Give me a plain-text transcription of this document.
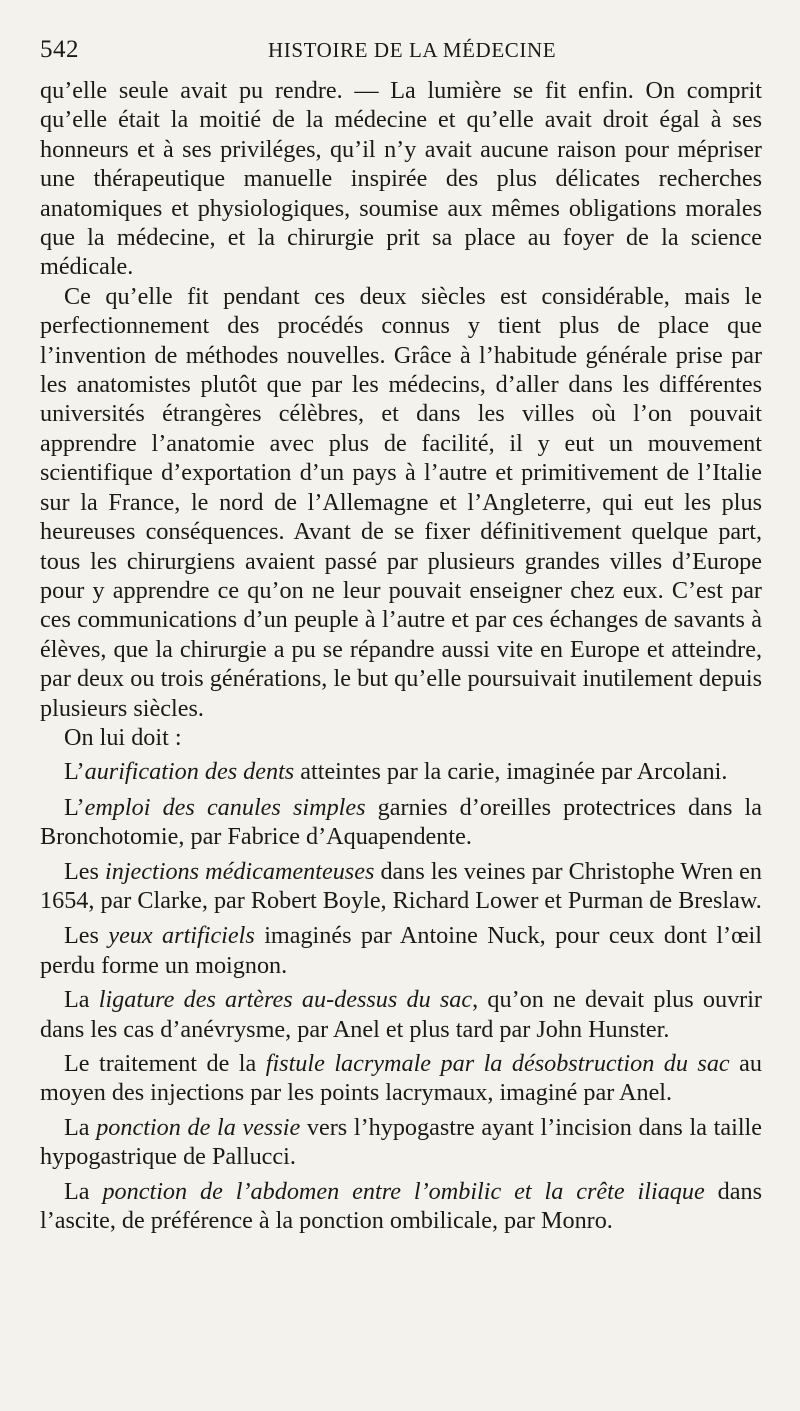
542	HISTOIRE DE LA MÉDECINE

qu’elle seule avait pu rendre. — La lumière se fit enfin. On comprit qu’elle était la moitié de la médecine et qu’elle avait droit égal à ses honneurs et à ses priviléges, qu’il n’y avait aucune raison pour mépriser une thérapeutique manuelle inspirée des plus délicates recherches anatomiques et physiologiques, soumise aux mêmes obligations morales que la médecine, et la chirurgie prit sa place au foyer de la science médicale.

Ce qu’elle fit pendant ces deux siècles est considérable, mais le perfectionnement des procédés connus y tient plus de place que l’invention de méthodes nouvelles. Grâce à l’habitude générale prise par les anatomistes plutôt que par les médecins, d’aller dans les différentes universités étrangères célèbres, et dans les villes où l’on pouvait apprendre l’anatomie avec plus de facilité, il y eut un mouvement scientifique d’exportation d’un pays à l’autre et primitivement de l’Italie sur la France, le nord de l’Allemagne et l’Angleterre, qui eut les plus heureuses conséquences. Avant de se fixer définitivement quelque part, tous les chirurgiens avaient passé par plusieurs grandes villes d’Europe pour y apprendre ce qu’on ne leur pouvait enseigner chez eux. C’est par ces communications d’un peuple à l’autre et par ces échanges de savants à élèves, que la chirurgie a pu se répandre aussi vite en Europe et atteindre, par deux ou trois générations, le but qu’elle poursuivait inutilement depuis plusieurs siècles.

On lui doit :

L’aurification des dents atteintes par la carie, imaginée par Arcolani.

L’emploi des canules simples garnies d’oreilles protectrices dans la Bronchotomie, par Fabrice d’Aquapendente.

Les injections médicamenteuses dans les veines par Christophe Wren en 1654, par Clarke, par Robert Boyle, Richard Lower et Purman de Breslaw.

Les yeux artificiels imaginés par Antoine Nuck, pour ceux dont l’œil perdu forme un moignon.

La ligature des artères au-dessus du sac, qu’on ne devait plus ouvrir dans les cas d’anévrysme, par Anel et plus tard par John Hunster.

Le traitement de la fistule lacrymale par la désobstruction du sac au moyen des injections par les points lacrymaux, imaginé par Anel.

La ponction de la vessie vers l’hypogastre ayant l’incision dans la taille hypogastrique de Pallucci.

La ponction de l’abdomen entre l’ombilic et la crête iliaque dans l’ascite, de préférence à la ponction ombilicale, par Monro.
